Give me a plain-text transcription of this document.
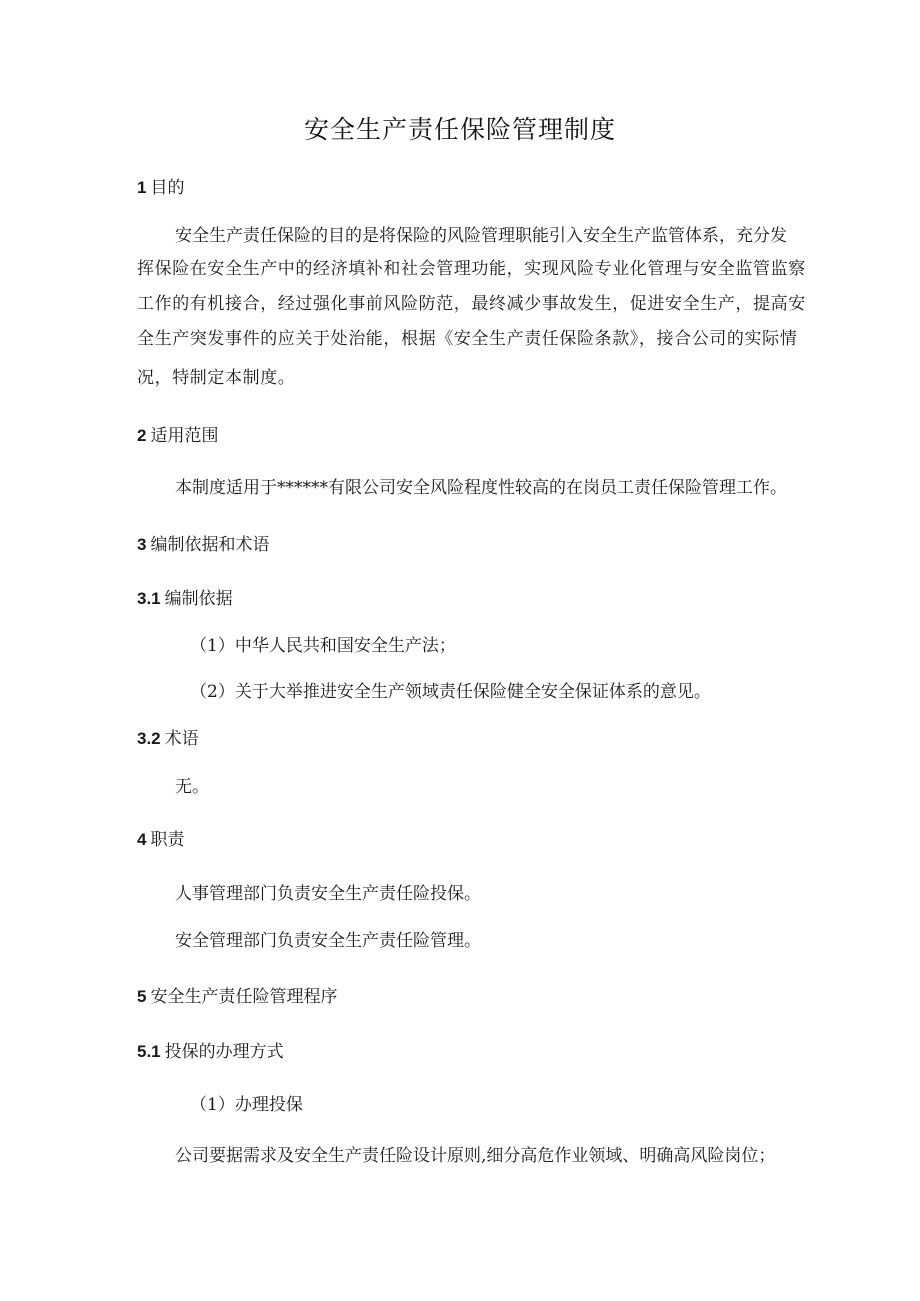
安全生产责任保险管理制度
1 目的
安全生产责任保险的目的是将保险的风险管理职能引入安全生产监管体系，充分发
挥保险在安全生产中的经济填补和社会管理功能，实现风险专业化管理与安全监管监察
工作的有机接合，经过强化事前风险防范，最终减少事故发生，促进安全生产，提高安
全生产突发事件的应关于处治能，根据《安全生产责任保险条款》，接合公司的实际情
况，特制定本制度。
2 适用范围
本制度适用于******有限公司安全风险程度性较高的在岗员工责任保险管理工作。
3 编制依据和术语
3.1 编制依据
（1）中华人民共和国安全生产法；
（2）关于大举推进安全生产领域责任保险健全安全保证体系的意见。
3.2 术语
无。
4 职责
人事管理部门负责安全生产责任险投保。
安全管理部门负责安全生产责任险管理。
5 安全生产责任险管理程序
5.1 投保的办理方式
（1）办理投保
公司要据需求及安全生产责任险设计原则,细分高危作业领域、明确高风险岗位；
